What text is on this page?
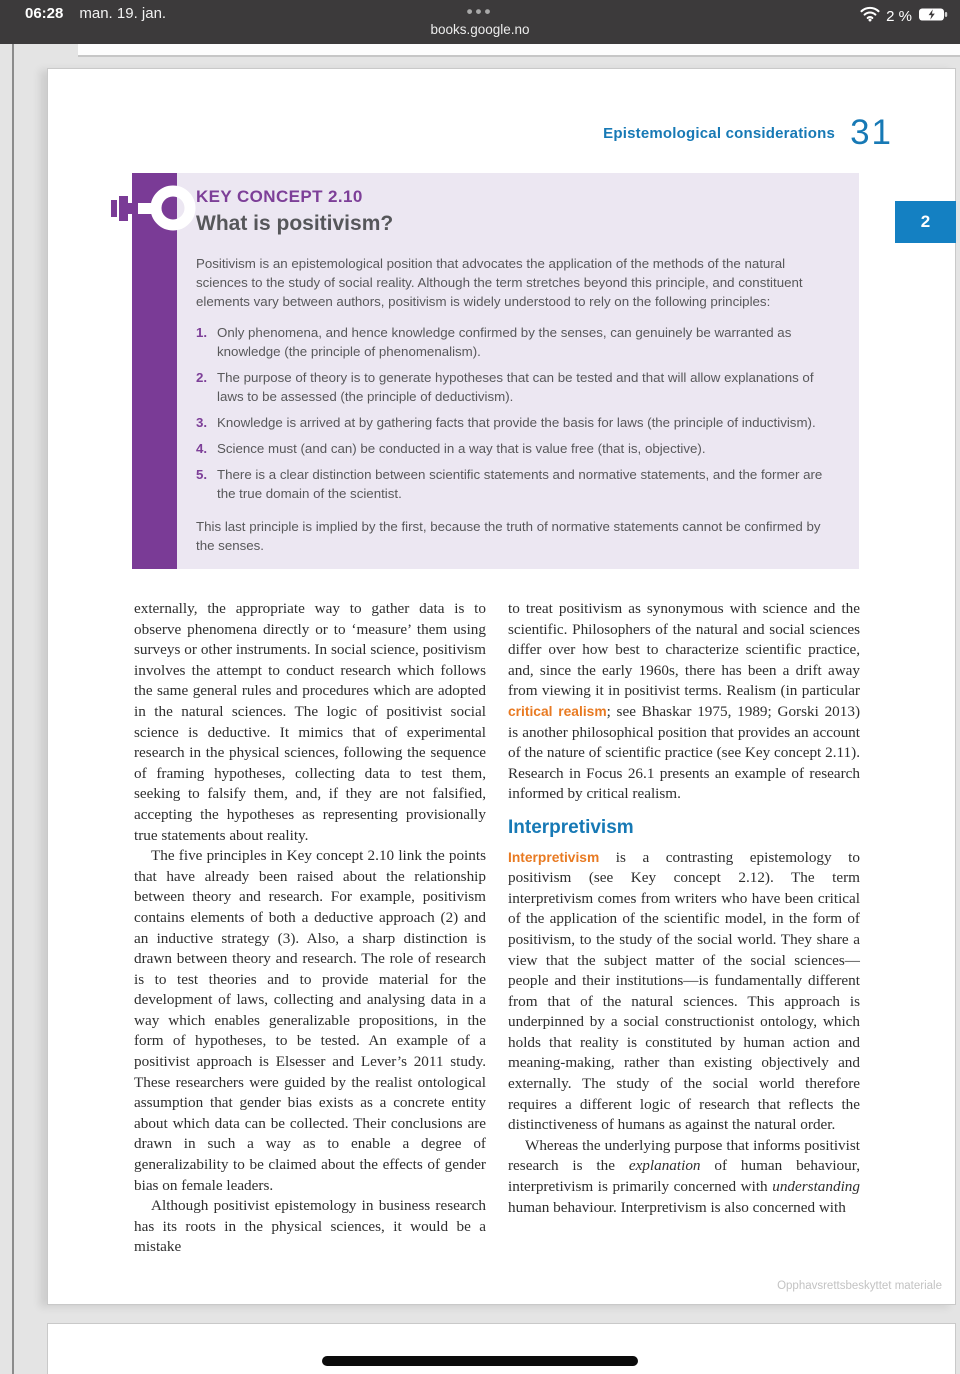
06:28 man. 19. jan.	•••
books.google.no
2 %
Epistemological considerations 31
2
KEY CONCEPT 2.10
What is positivism?
Positivism is an epistemological position that advocates the application of the methods of the natural sciences to the study of social reality. Although the term stretches beyond this principle, and constituent elements vary between authors, positivism is widely understood to rely on the following principles:
1. Only phenomena, and hence knowledge confirmed by the senses, can genuinely be warranted as knowledge (the principle of phenomenalism).
2. The purpose of theory is to generate hypotheses that can be tested and that will allow explanations of laws to be assessed (the principle of deductivism).
3. Knowledge is arrived at by gathering facts that provide the basis for laws (the principle of inductivism).
4. Science must (and can) be conducted in a way that is value free (that is, objective).
5. There is a clear distinction between scientific statements and normative statements, and the former are the true domain of the scientist.
This last principle is implied by the first, because the truth of normative statements cannot be confirmed by the senses.

externally, the appropriate way to gather data is to observe phenomena directly or to ‘measure’ them using surveys or other instruments. In social science, positivism involves the attempt to conduct research which follows the same general rules and procedures which are adopted in the natural sciences. The logic of positivist social science is deductive. It mimics that of experimental research in the physical sciences, following the sequence of framing hypotheses, collecting data to test them, seeking to falsify them, and, if they are not falsified, accepting the hypotheses as representing provisionally true statements about reality.

The five principles in Key concept 2.10 link the points that have already been raised about the relationship between theory and research. For example, positivism contains elements of both a deductive approach (2) and an inductive strategy (3). Also, a sharp distinction is drawn between theory and research. The role of research is to test theories and to provide material for the development of laws, collecting and analysing data in a way which enables generalizable propositions, in the form of hypotheses, to be tested. An example of a positivist approach is Elsesser and Lever’s 2011 study. These researchers were guided by the realist ontological assumption that gender bias exists as a concrete entity about which data can be collected. Their conclusions are drawn in such a way as to enable a degree of generalizability to be claimed about the effects of gender bias on female leaders.

Although positivist epistemology in business research has its roots in the physical sciences, it would be a mistake

to treat positivism as synonymous with science and the scientific. Philosophers of the natural and social sciences differ over how best to characterize scientific practice, and, since the early 1960s, there has been a drift away from viewing it in positivist terms. Realism (in particular critical realism; see Bhaskar 1975, 1989; Gorski 2013) is another philosophical position that provides an account of the nature of scientific practice (see Key concept 2.11). Research in Focus 26.1 presents an example of research informed by critical realism.

Interpretivism

Interpretivism is a contrasting epistemology to positivism (see Key concept 2.12). The term interpretivism comes from writers who have been critical of the application of the scientific model, in the form of positivism, to the study of the social world. They share a view that the subject matter of the social sciences—people and their institutions—is fundamentally different from that of the natural sciences. This approach is underpinned by a social constructionist ontology, which holds that reality is constituted by human action and meaning-making, rather than existing objectively and externally. The study of the social world therefore requires a different logic of research that reflects the distinctiveness of humans as against the natural order.

Whereas the underlying purpose that informs positivist research is the explanation of human behaviour, interpretivism is primarily concerned with understanding human behaviour. Interpretivism is also concerned with

Opphavsrettsbeskyttet materiale
